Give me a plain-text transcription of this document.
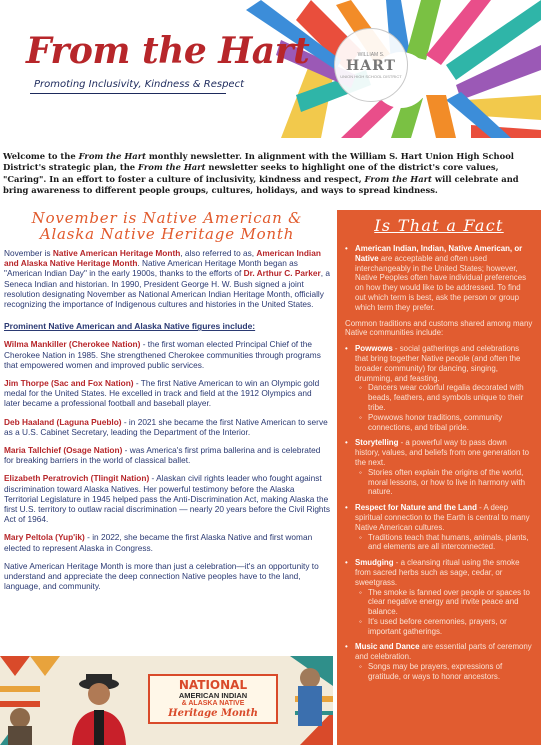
From the Hart
Promoting Inclusivity, Kindness & Respect
WILLIAM S.
HART
UNION HIGH SCHOOL DISTRICT
Welcome to the From the Hart monthly newsletter. In alignment with the William S. Hart Union High School District's strategic plan, the From the Hart newsletter seeks to highlight one of the district's core values, "Caring". In an effort to foster a culture of inclusivity, kindness and respect, From the Hart will celebrate and bring awareness to different people groups, cultures, holidays, and ways to spread kindness.
November is Native American & Alaska Native Heritage Month

November is Native American Heritage Month, also referred to as, American Indian and Alaska Native Heritage Month. Native American Heritage Month began as "American Indian Day" in the early 1900s, thanks to the efforts of Dr. Arthur C. Parker, a Seneca Indian and historian. In 1990, President George H. W. Bush signed a joint resolution designating November as National American Indian Heritage Month, officially recognizing the importance of Indigenous cultures and histories in the United States.

Prominent Native American and Alaska Native figures include:

Wilma Mankiller (Cherokee Nation) - the first woman elected Principal Chief of the Cherokee Nation in 1985. She strengthened Cherokee communities through programs that empowered women and improved public services.

Jim Thorpe (Sac and Fox Nation) - The first Native American to win an Olympic gold medal for the United States. He excelled in track and field at the 1912 Olympics and later became a professional football and baseball player.

Deb Haaland (Laguna Pueblo) - in 2021 she became the first Native American to serve as a U.S. Cabinet Secretary, leading the Department of the Interior.

Maria Tallchief (Osage Nation) - was America's first prima ballerina and is celebrated for breaking barriers in the world of classical ballet.

Elizabeth Peratrovich (Tlingit Nation) - Alaskan civil rights leader who fought against discrimination toward Alaska Natives. Her powerful testimony before the Alaska Territorial Legislature in 1945 helped pass the Anti-Discrimination Act, making Alaska the first U.S. territory to outlaw racial discrimination — nearly 20 years before the Civil Rights Act of 1964.

Mary Peltola (Yup'ik) - in 2022, she became the first Alaska Native and first woman elected to represent Alaska in Congress.

Native American Heritage Month is more than just a celebration—it's an opportunity to understand and appreciate the deep connection Native peoples have to the land, language, and community.

NATIONAL
AMERICAN INDIAN
& ALASKA NATIVE
Heritage Month
Is That a Fact
• American Indian, Indian, Native American, or Native are acceptable and often used interchangeably in the United States; however, Native Peoples often have individual preferences on how they would like to be addressed. To find out which term is best, ask the person or group which term they prefer.

Common traditions and customs shared among many Native communities include:

• Powwows - social gatherings and celebrations that bring together Native people (and often the broader community) for dancing, singing, drumming, and feasting.
◦ Dancers wear colorful regalia decorated with beads, feathers, and symbols unique to their tribe.
◦ Powwows honor traditions, community connections, and tribal pride.
• Storytelling - a powerful way to pass down history, values, and beliefs from one generation to the next.
◦ Stories often explain the origins of the world, moral lessons, or how to live in harmony with nature.
• Respect for Nature and the Land - A deep spiritual connection to the Earth is central to many Native American cultures.
◦ Traditions teach that humans, animals, plants, and elements are all interconnected.
• Smudging - a cleansing ritual using the smoke from sacred herbs such as sage, cedar, or sweetgrass.
◦ The smoke is fanned over people or spaces to clear negative energy and invite peace and balance.
◦ It's used before ceremonies, prayers, or important gatherings.
• Music and Dance are essential parts of ceremony and celebration.
◦ Songs may be prayers, expressions of gratitude, or ways to honor ancestors.
